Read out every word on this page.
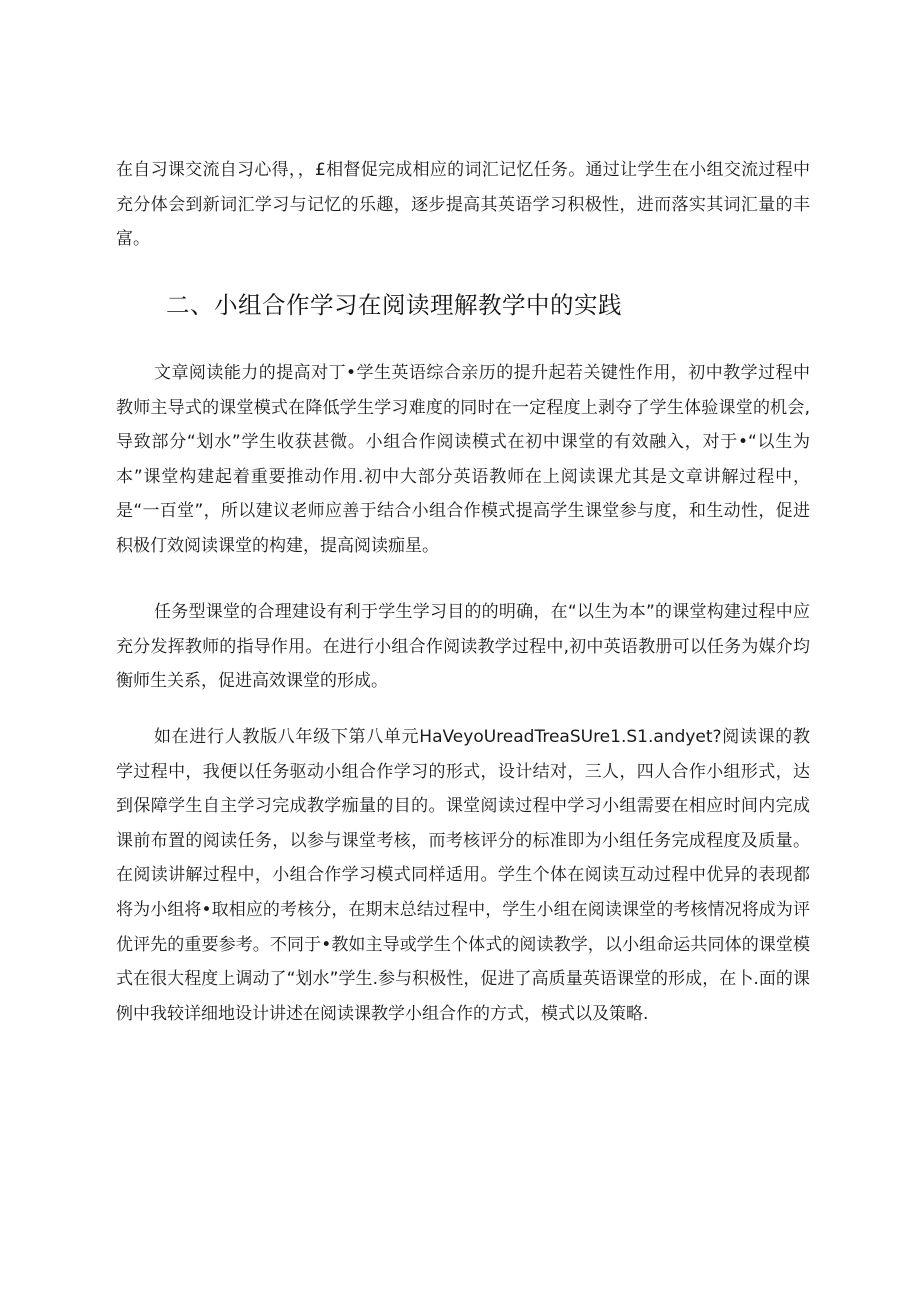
在自习课交流自习心得，，£相督促完成相应的词汇记忆任务。通过让学生在小组交流过程中充分体会到新词汇学习与记忆的乐趣，逐步提高其英语学习积极性，进而落实其词汇量的丰富。

二、小组合作学习在阅读理解教学中的实践

文章阅读能力的提高对丁•学生英语综合亲历的提升起若关键性作用，初中教学过程中教师主导式的课堂模式在降低学生学习难度的同时在一定程度上剥夺了学生体验课堂的机会,导致部分“划水”学生收获甚微。小组合作阅读模式在初中课堂的有效融入，对于•“以生为本”课堂构建起着重要推动作用.初中大部分英语教师在上阅读课尤其是文章讲解过程中，是“一百堂”，所以建议老师应善于结合小组合作模式提高学生课堂参与度，和生动性，促进积极仃效阅读课堂的构建，提高阅读痂星。

任务型课堂的合理建设有利于学生学习目的的明确，在“以生为本”的课堂构建过程中应充分发挥教师的指导作用。在进行小组合作阅读教学过程中,初中英语教册可以任务为媒介均衡师生关系，促进高效课堂的形成。

如在进行人教版八年级下第八单元HaVeyoUreadTreaSUre1.S1.andyet?阅读课的教学过程中，我便以任务驱动小组合作学习的形式，设计结对，三人，四人合作小组形式，达到保障学生自主学习完成教学痂量的目的。课堂阅读过程中学习小组需要在相应时间内完成课前布置的阅读任务，以参与课堂考核，而考核评分的标准即为小组任务完成程度及质量。在阅读讲解过程中，小组合作学习模式同样适用。学生个体在阅读互动过程中优异的表现都将为小组将•取相应的考核分，在期末总结过程中，学生小组在阅读课堂的考核情况将成为评优评先的重要参考。不同于•教如主导或学生个体式的阅读教学，以小组命运共同体的课堂模式在很大程度上调动了“划水”学生.参与积极性，促进了高质量英语课堂的形成，在卜.面的课例中我较详细地设计讲述在阅读课教学小组合作的方式，模式以及策略.
